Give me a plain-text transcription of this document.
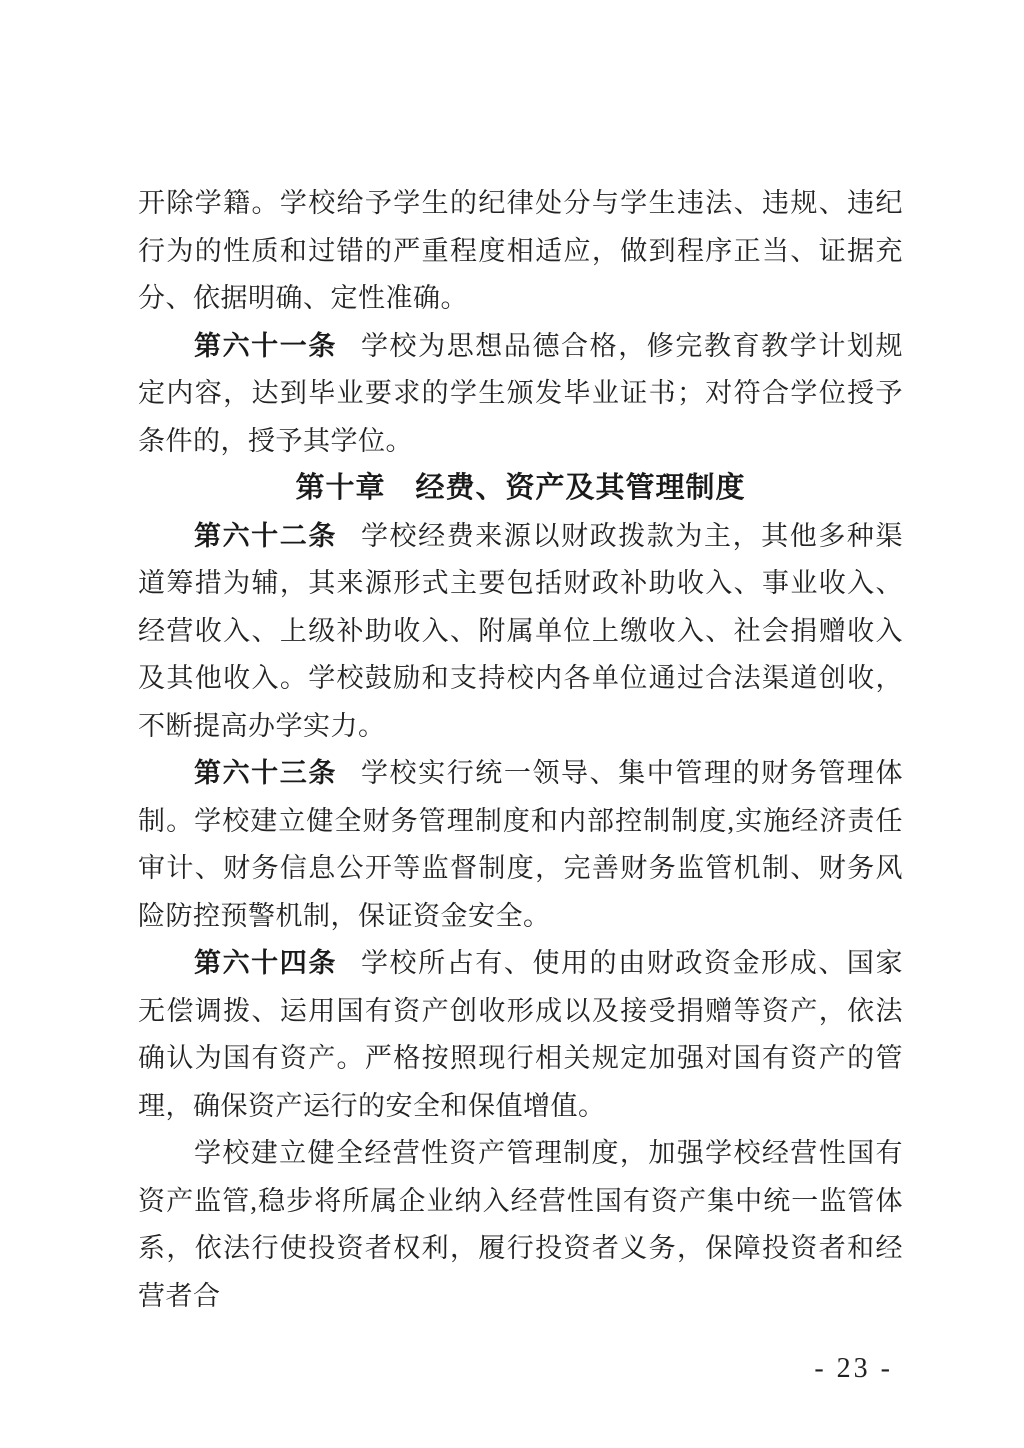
开除学籍。学校给予学生的纪律处分与学生违法、违规、违纪行为的性质和过错的严重程度相适应，做到程序正当、证据充分、依据明确、定性准确。

第六十一条 学校为思想品德合格，修完教育教学计划规定内容，达到毕业要求的学生颁发毕业证书；对符合学位授予条件的，授予其学位。

第十章　经费、资产及其管理制度

第六十二条 学校经费来源以财政拨款为主，其他多种渠道筹措为辅，其来源形式主要包括财政补助收入、事业收入、经营收入、上级补助收入、附属单位上缴收入、社会捐赠收入及其他收入。学校鼓励和支持校内各单位通过合法渠道创收，不断提高办学实力。

第六十三条 学校实行统一领导、集中管理的财务管理体制。学校建立健全财务管理制度和内部控制制度,实施经济责任审计、财务信息公开等监督制度，完善财务监管机制、财务风险防控预警机制，保证资金安全。

第六十四条 学校所占有、使用的由财政资金形成、国家无偿调拨、运用国有资产创收形成以及接受捐赠等资产，依法确认为国有资产。严格按照现行相关规定加强对国有资产的管理，确保资产运行的安全和保值增值。

学校建立健全经营性资产管理制度，加强学校经营性国有资产监管,稳步将所属企业纳入经营性国有资产集中统一监管体系，依法行使投资者权利，履行投资者义务，保障投资者和经营者合

- 23 -
